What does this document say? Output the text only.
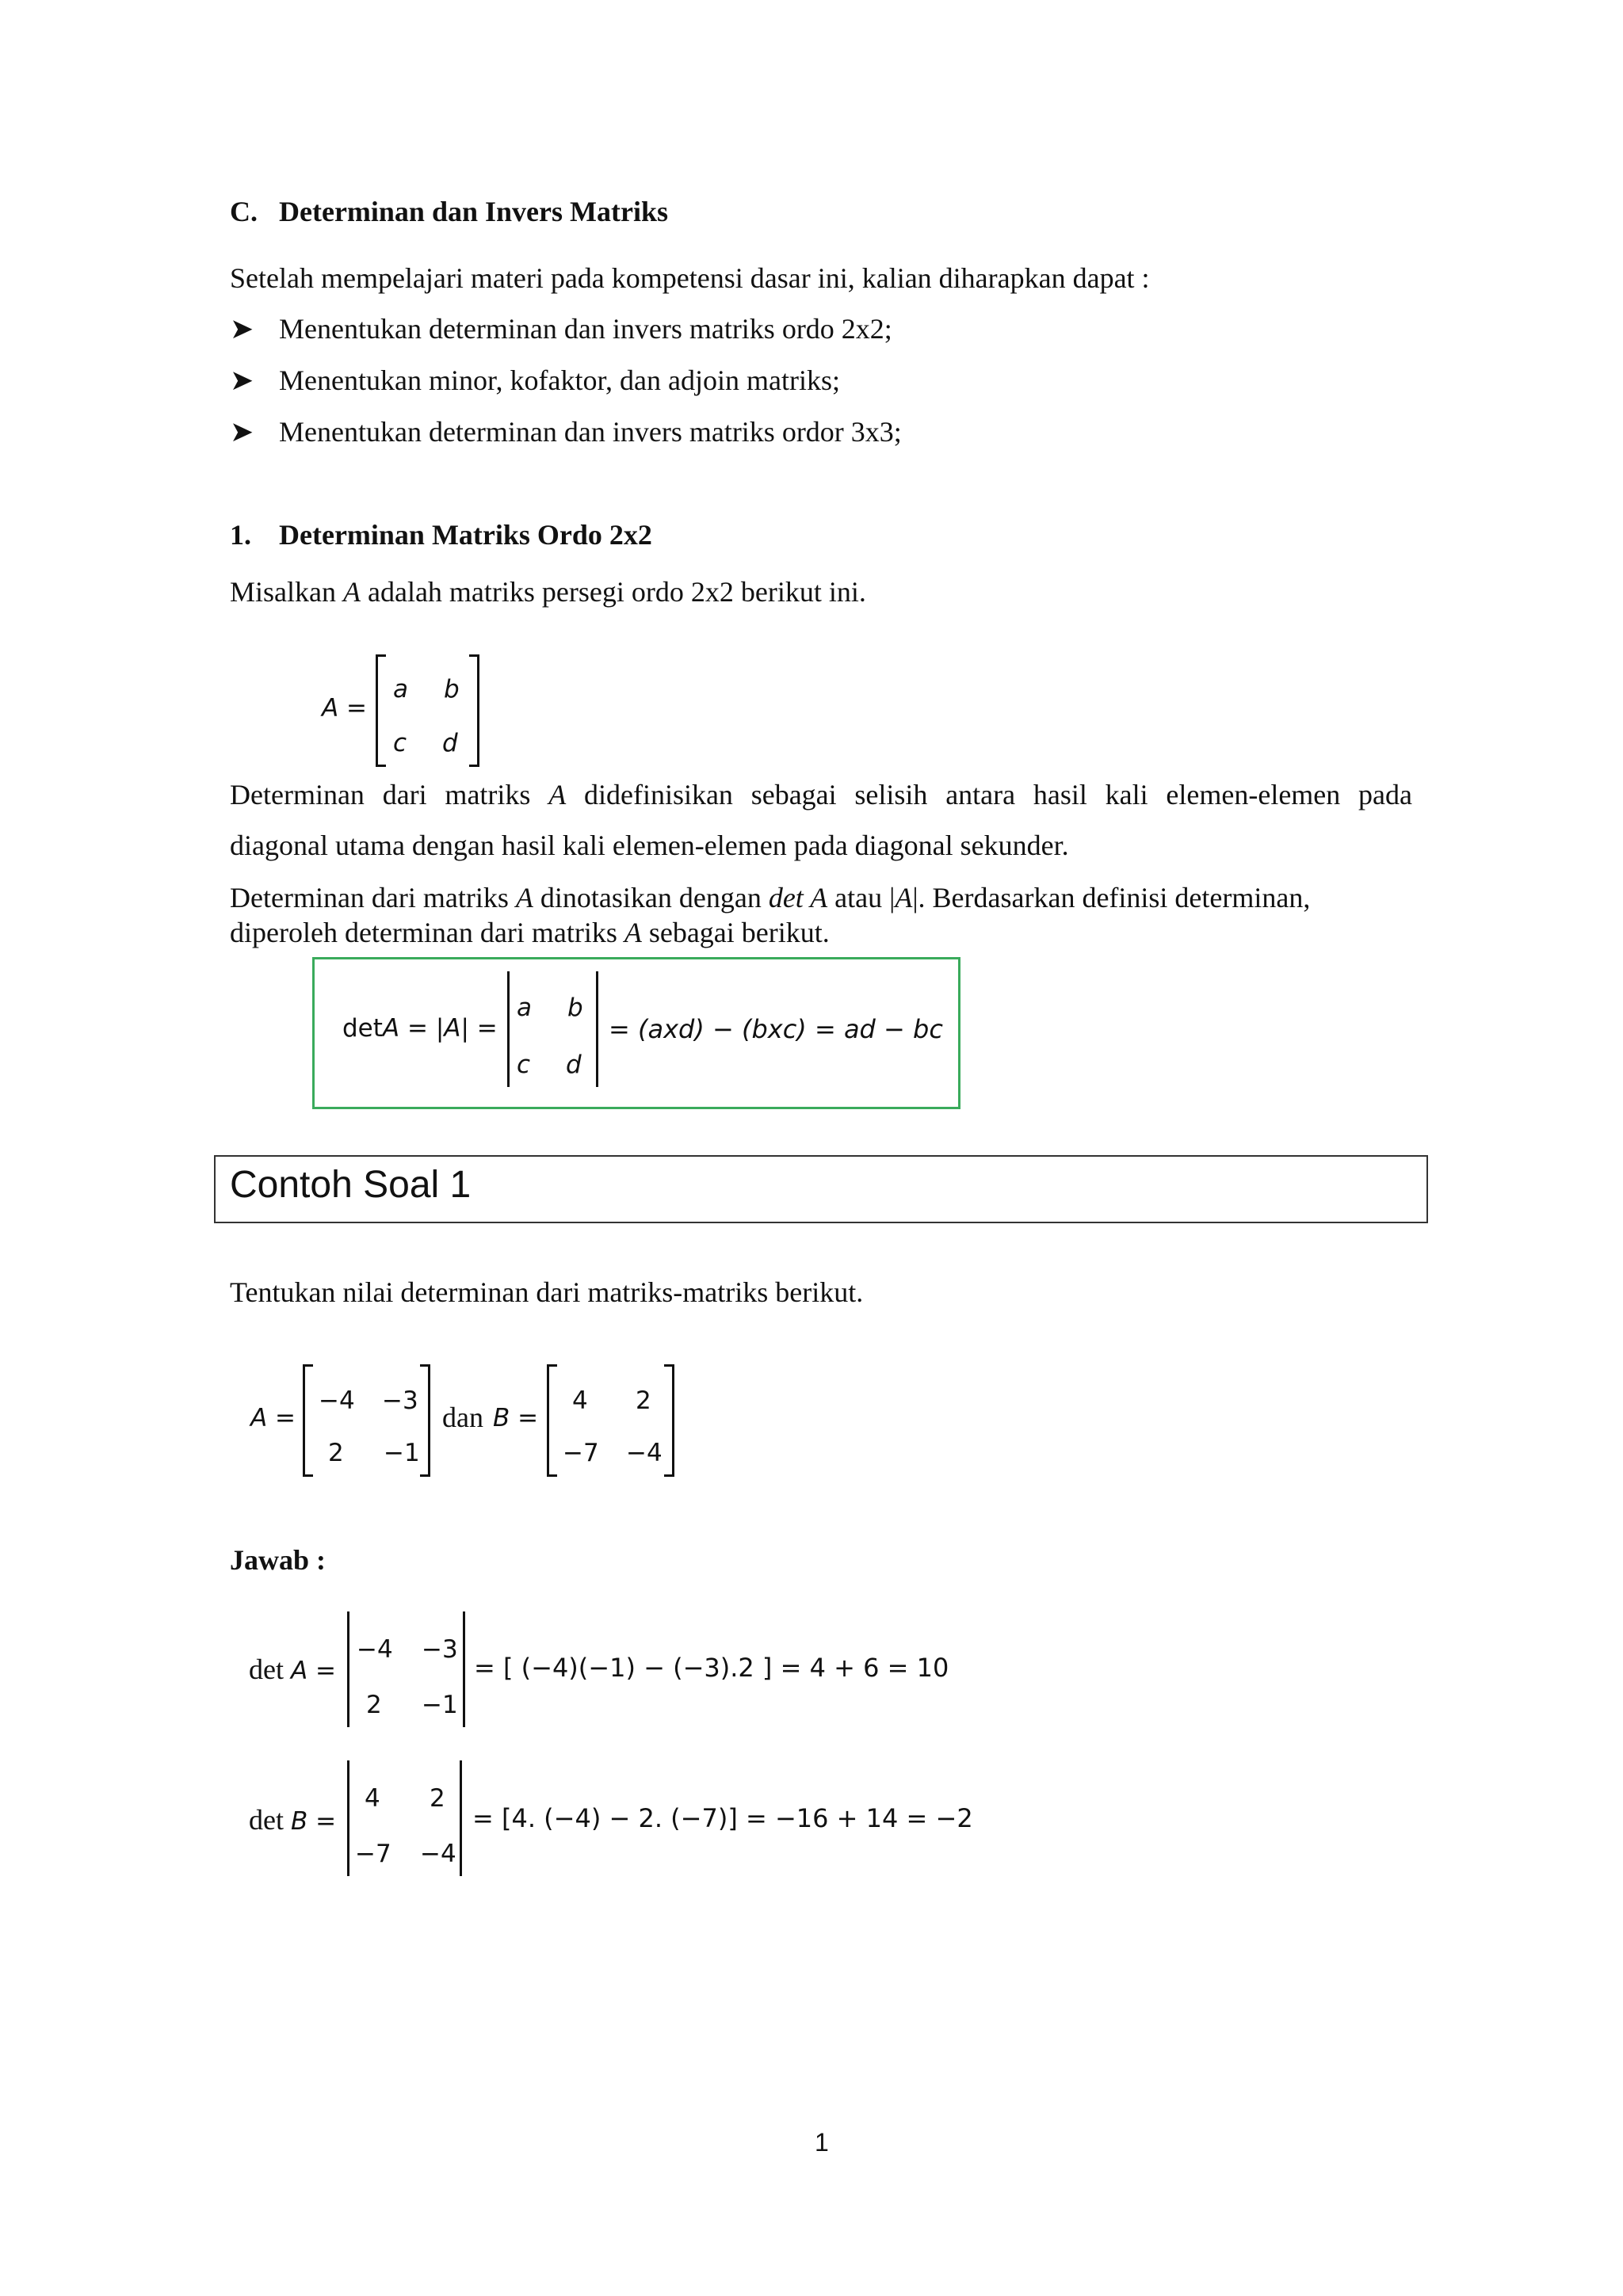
C. Determinan dan Invers Matriks
Setelah mempelajari materi pada kompetensi dasar ini, kalian diharapkan dapat :
➤ Menentukan determinan dan invers matriks ordo 2x2;
➤ Menentukan minor, kofaktor, dan adjoin matriks;
➤ Menentukan determinan dan invers matriks ordor 3x3;
1. Determinan Matriks Ordo 2x2
Misalkan A adalah matriks persegi ordo 2x2 berikut ini.
A =
a b
c d
Determinan dari matriks A didefinisikan sebagai selisih antara hasil kali elemen-elemen pada
diagonal utama dengan hasil kali elemen-elemen pada diagonal sekunder.
Determinan dari matriks A dinotasikan dengan det A atau |A|. Berdasarkan definisi determinan,
diperoleh determinan dari matriks A sebagai berikut.
detA = |A| =
a b
c d
= (axd) − (bxc) = ad − bc
Contoh Soal 1
Tentukan nilai determinan dari matriks-matriks berikut.
A =
−4 −3
2 −1
dan B =
4 2
−7 −4
Jawab :
det A =
−4 −3
2 −1
= [ (−4)(−1) − (−3).2 ] = 4 + 6 = 10
det B =
4 2
−7 −4
= [4. (−4) − 2. (−7)] = −16 + 14 = −2
1
